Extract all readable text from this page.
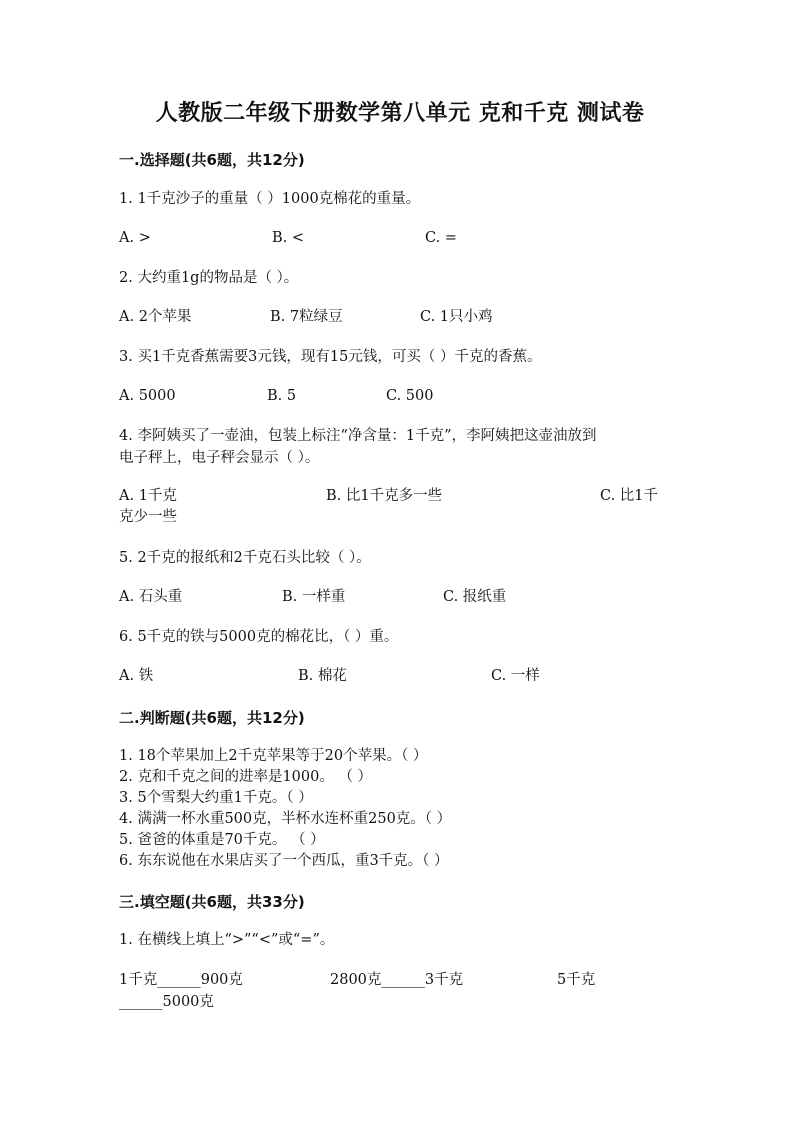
人教版二年级下册数学第八单元 克和千克 测试卷
一.选择题(共6题，共12分)
1. 1千克沙子的重量（ ）1000克棉花的重量。
A. >	B. <	C. =
2. 大约重1g的物品是（ ）。
A. 2个苹果	B. 7粒绿豆	C. 1只小鸡
3. 买1千克香蕉需要3元钱，现有15元钱，可买（ ）千克的香蕉。
A. 5000	B. 5	C. 500
4. 李阿姨买了一壶油，包装上标注“净含量：1千克”，李阿姨把这壶油放到
电子秤上，电子秤会显示（ ）。
A. 1千克	B. 比1千克多一些	C. 比1千
克少一些
5. 2千克的报纸和2千克石头比较（ ）。
A. 石头重	B. 一样重	C. 报纸重
6. 5千克的铁与5000克的棉花比，（ ）重。
A. 铁	B. 棉花	C. 一样
二.判断题(共6题，共12分)
1. 18个苹果加上2千克苹果等于20个苹果。（ ）
2. 克和千克之间的进率是1000。 （ ）
3. 5个雪梨大约重1千克。（ ）
4. 满满一杯水重500克，半杯水连杯重250克。（ ）
5. 爸爸的体重是70千克。 （ ）
6. 东东说他在水果店买了一个西瓜，重3千克。（ ）
三.填空题(共6题，共33分)
1. 在横线上填上“>”“<”或“=”。
1千克______900克	2800克______3千克	5千克
______5000克
